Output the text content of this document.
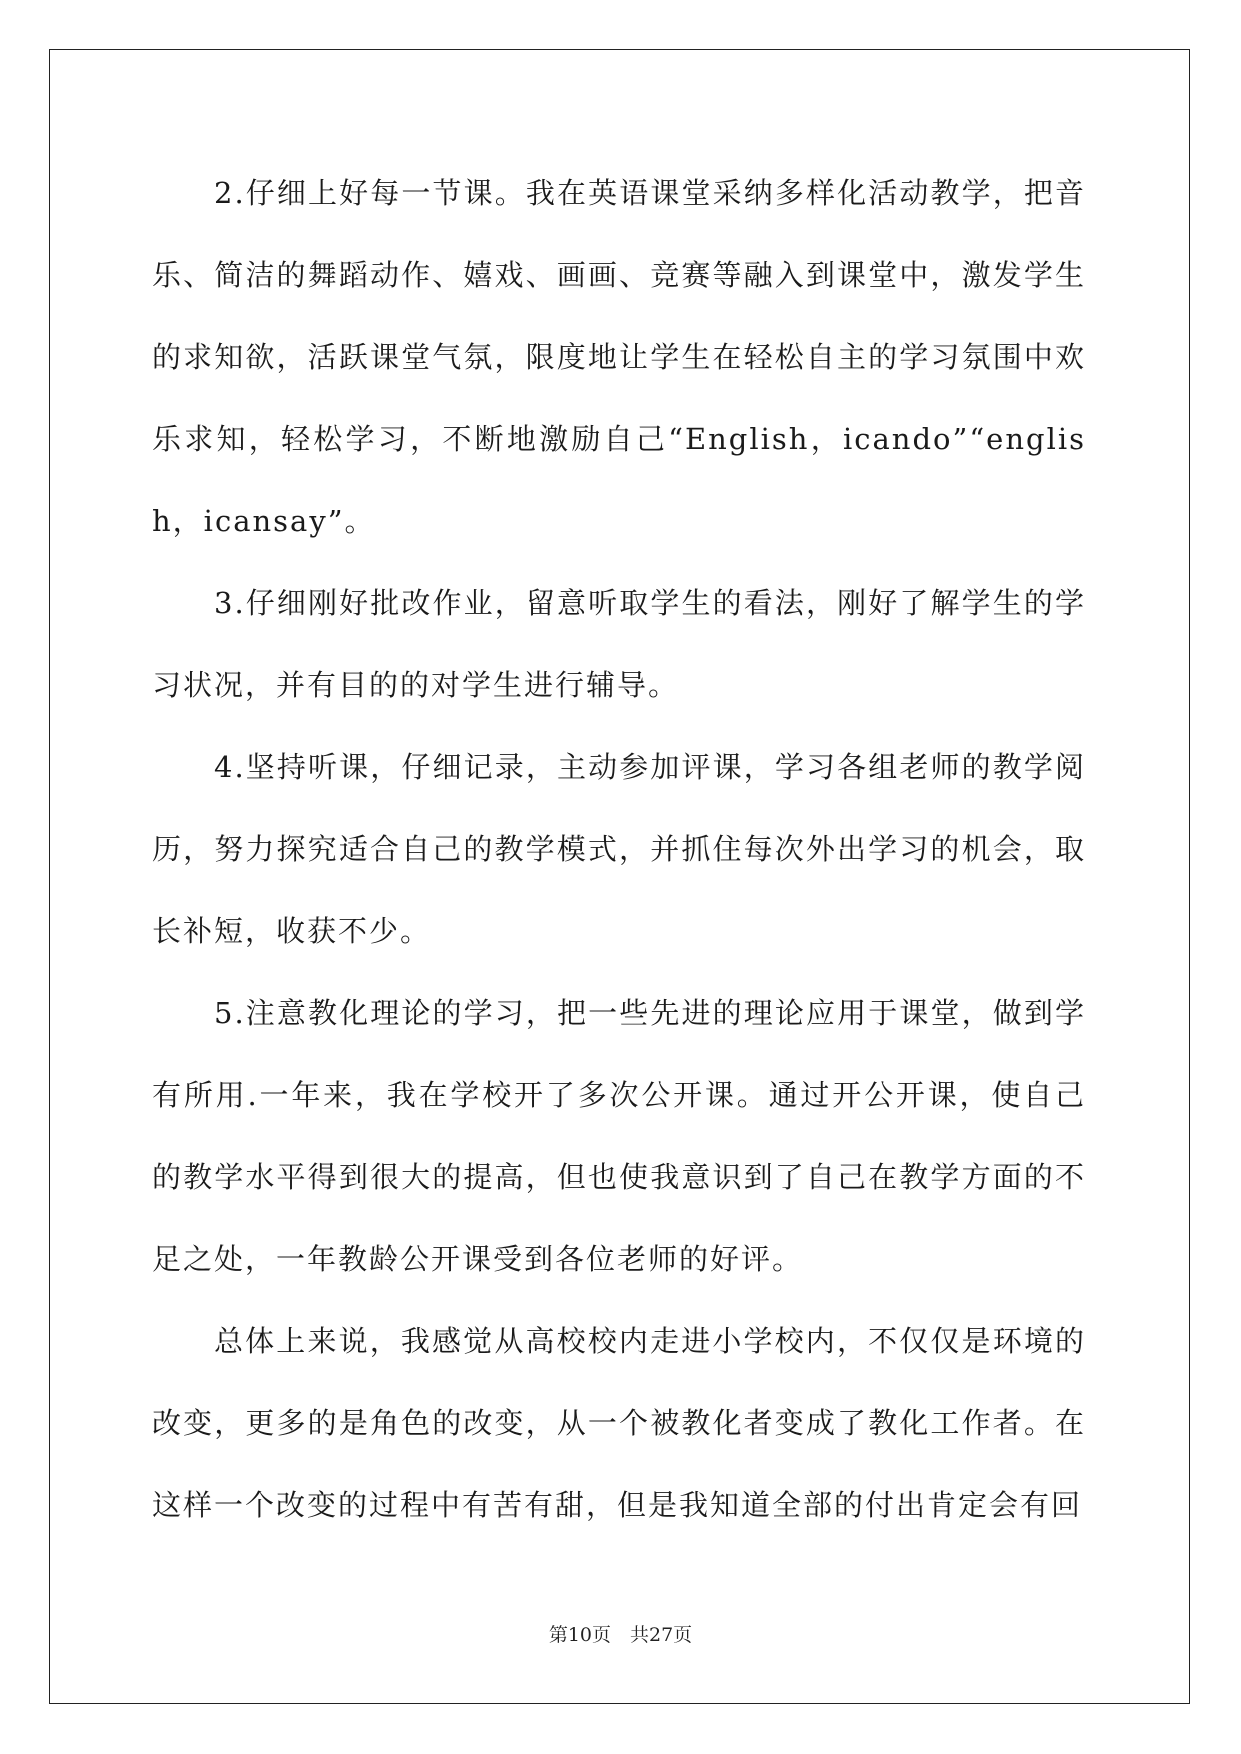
2.仔细上好每一节课。我在英语课堂采纳多样化活动教学，把音乐、简洁的舞蹈动作、嬉戏、画画、竞赛等融入到课堂中，激发学生的求知欲，活跃课堂气氛，限度地让学生在轻松自主的学习氛围中欢乐求知，轻松学习，不断地激励自己“English，icando”“english，icansay”。

3.仔细刚好批改作业，留意听取学生的看法，刚好了解学生的学习状况，并有目的的对学生进行辅导。

4.坚持听课，仔细记录，主动参加评课，学习各组老师的教学阅历，努力探究适合自己的教学模式，并抓住每次外出学习的机会，取长补短，收获不少。

5.注意教化理论的学习，把一些先进的理论应用于课堂，做到学有所用.一年来，我在学校开了多次公开课。通过开公开课，使自己的教学水平得到很大的提高，但也使我意识到了自己在教学方面的不足之处，一年教龄公开课受到各位老师的好评。

总体上来说，我感觉从高校校内走进小学校内，不仅仅是环境的改变，更多的是角色的改变，从一个被教化者变成了教化工作者。在这样一个改变的过程中有苦有甜，但是我知道全部的付出肯定会有回

第10页　共27页
